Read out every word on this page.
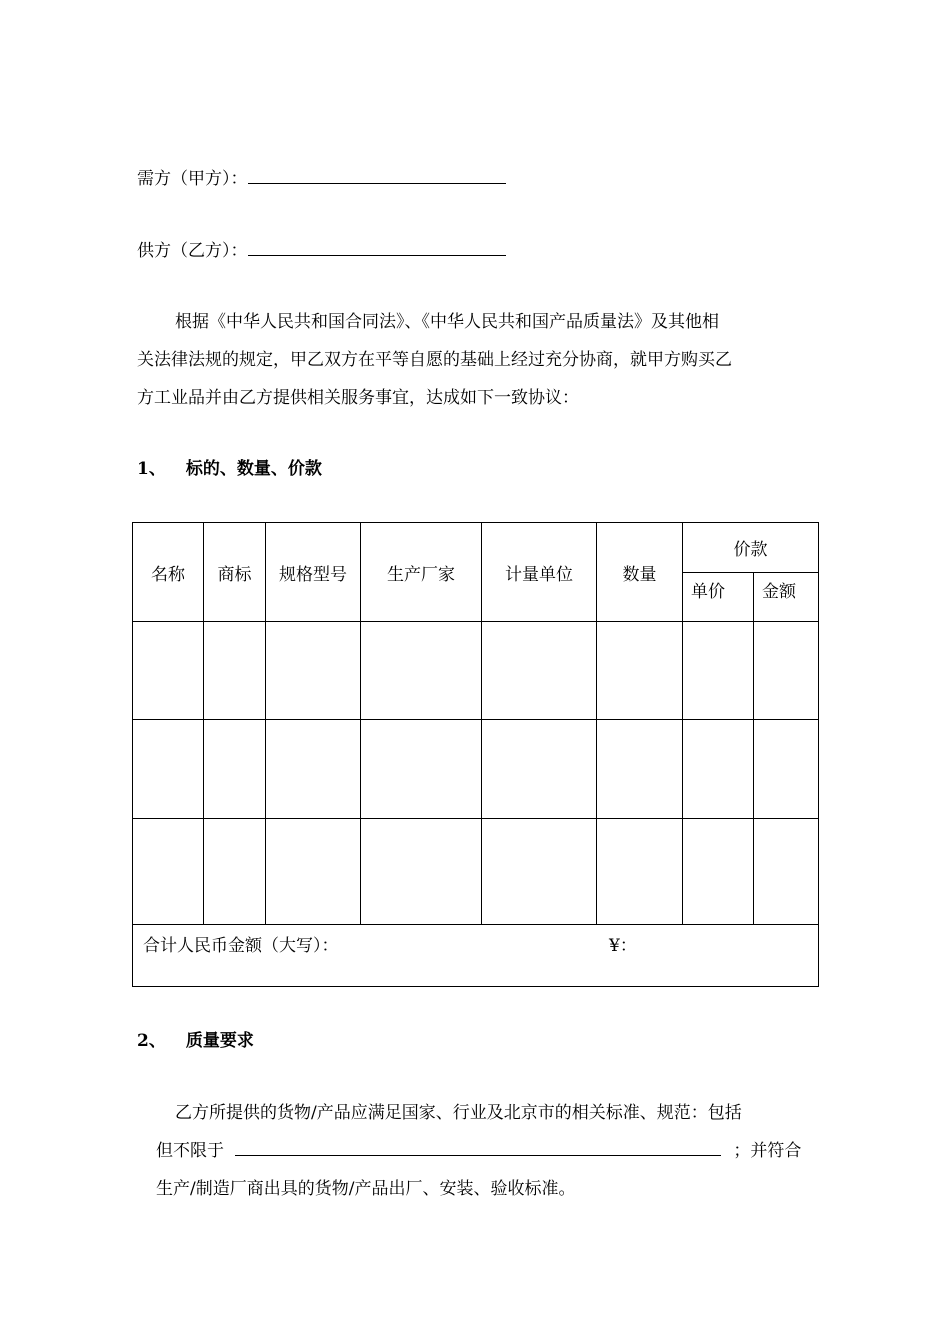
需方（甲方）：
供方（乙方）：
根据《中华人民共和国合同法》、《中华人民共和国产品质量法》及其他相
关法律法规的规定，甲乙双方在平等自愿的基础上经过充分协商，就甲方购买乙
方工业品并由乙方提供相关服务事宜，达成如下一致协议：
1、 标的、数量、价款
名称	商标	规格型号	生产厂家	计量单位	数量	价款	
						单价	金额

合计人民币金额（大写）： ¥：							
2、 质量要求
乙方所提供的货物/产品应满足国家、行业及北京市的相关标准、规范：包括
但不限于	；并符合
生产/制造厂商出具的货物/产品出厂、安装、验收标准。
